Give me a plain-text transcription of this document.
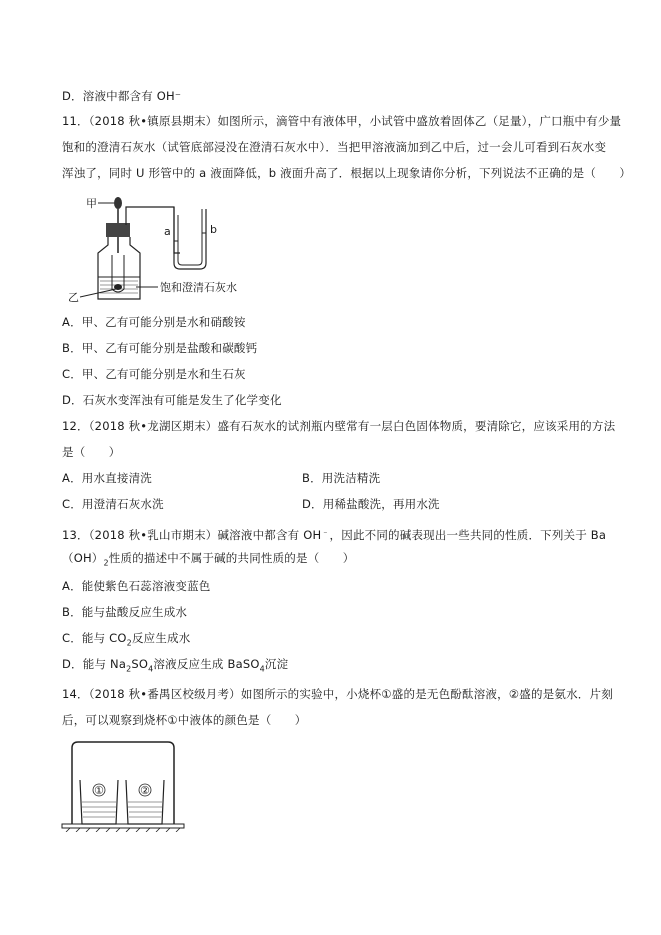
D．溶液中都含有 OH⁻
11．（2018 秋•镇原县期末）如图所示，滴管中有液体甲，小试管中盛放着固体乙（足量），广口瓶中有少量
饱和的澄清石灰水（试管底部浸没在澄清石灰水中）．当把甲溶液滴加到乙中后，过一会儿可看到石灰水变
浑浊了，同时 U 形管中的 a 液面降低，b 液面升高了．根据以上现象请你分析，下列说法不正确的是（　　）
甲
a	b
乙
饱和澄清石灰水
A．甲、乙有可能分别是水和硝酸铵
B．甲、乙有可能分别是盐酸和碳酸钙
C．甲、乙有可能分别是水和生石灰
D．石灰水变浑浊有可能是发生了化学变化
12．（2018 秋•龙湖区期末）盛有石灰水的试剂瓶内壁常有一层白色固体物质，要清除它，应该采用的方法
是（　　）
A．用水直接清洗	B．用洗洁精洗
C．用澄清石灰水洗	D．用稀盐酸洗，再用水洗
13．（2018 秋•乳山市期末）碱溶液中都含有 OH﹣，因此不同的碱表现出一些共同的性质．下列关于 Ba
$(OH)_2$性质的描述中不属于碱的共同性质的是（　　）
A．能使紫色石蕊溶液变蓝色
B．能与盐酸反应生成水
C．能与 $CO_2$反应生成水
D．能与 $Na_2SO_4$溶液反应生成 BaSO$_4$沉淀
14．（2018 秋•番禺区校级月考）如图所示的实验中，小烧杯①盛的是无色酚酞溶液，②盛的是氨水．片刻
后，可以观察到烧杯①中液体的颜色是（　　）
①	②
